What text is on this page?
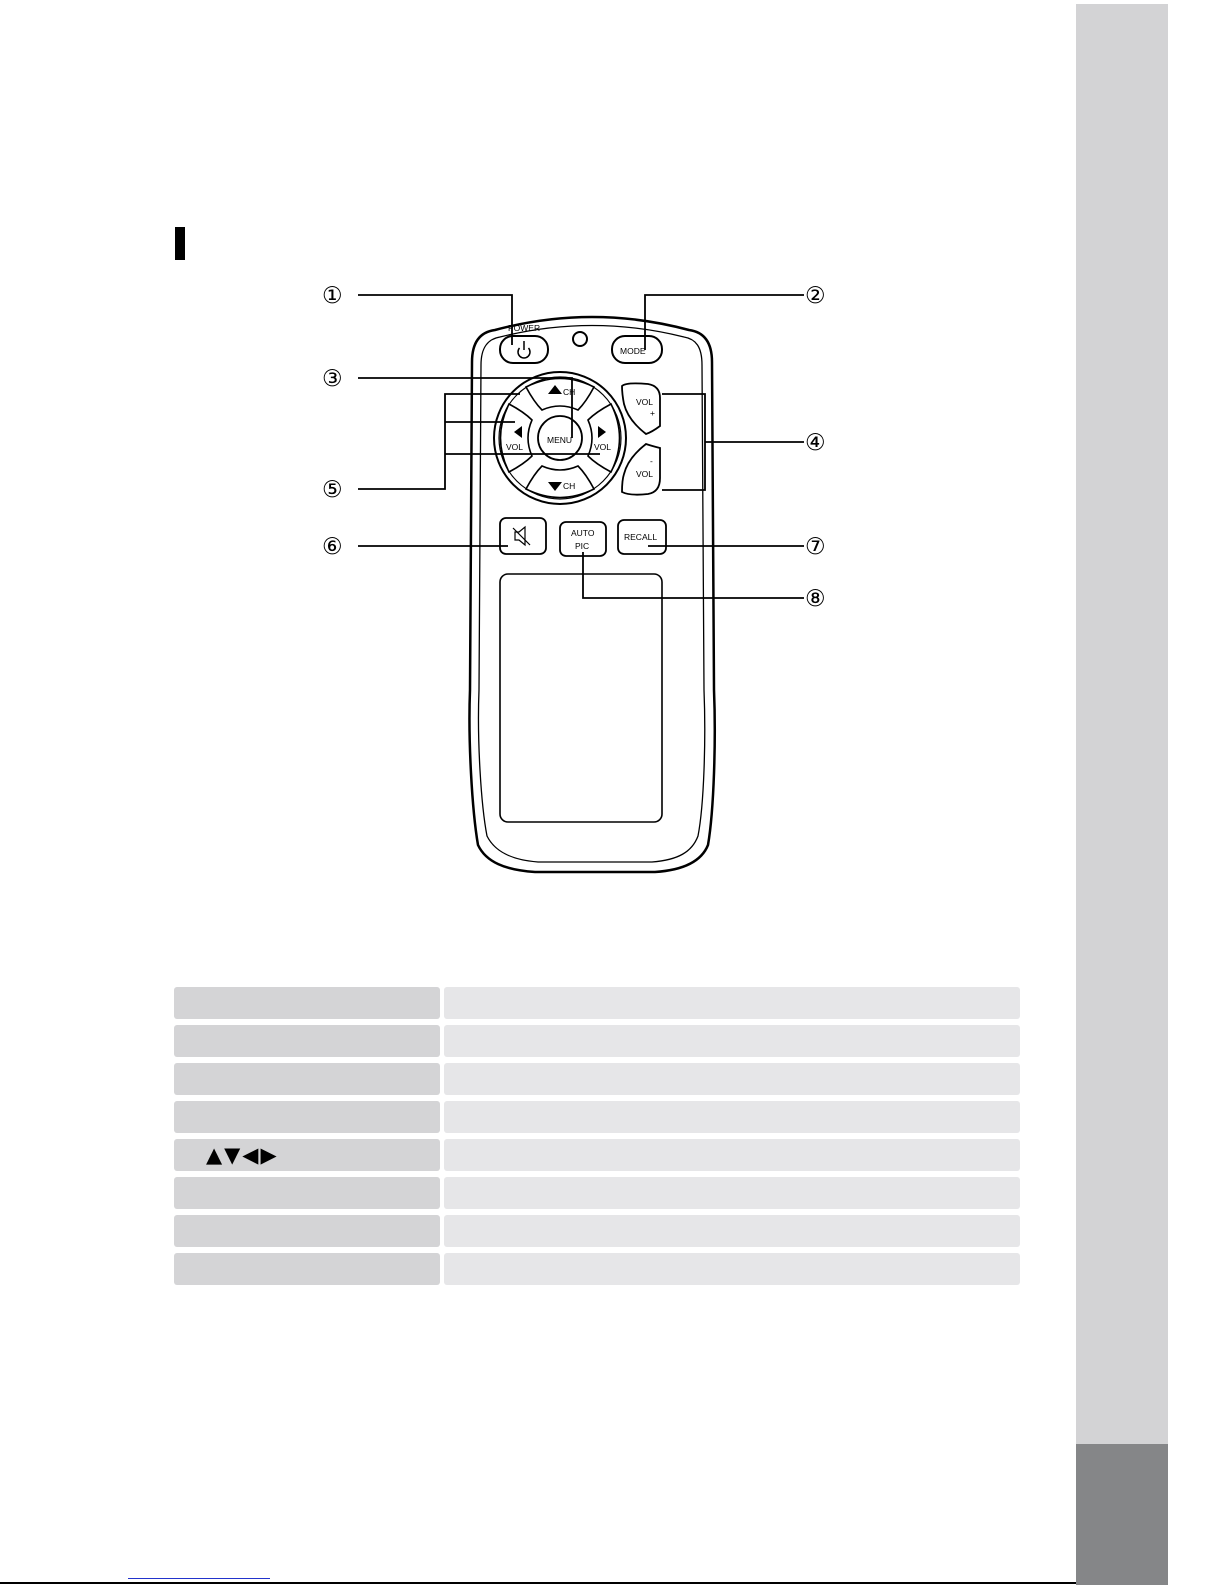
POWER
MODE
CH
CH
VOL	VOL
MENU
VOL
+
-
VOL
AUTO
PIC
RECALL
①	②
③
④
⑤
⑥	⑦
⑧
▲▼◀▶
